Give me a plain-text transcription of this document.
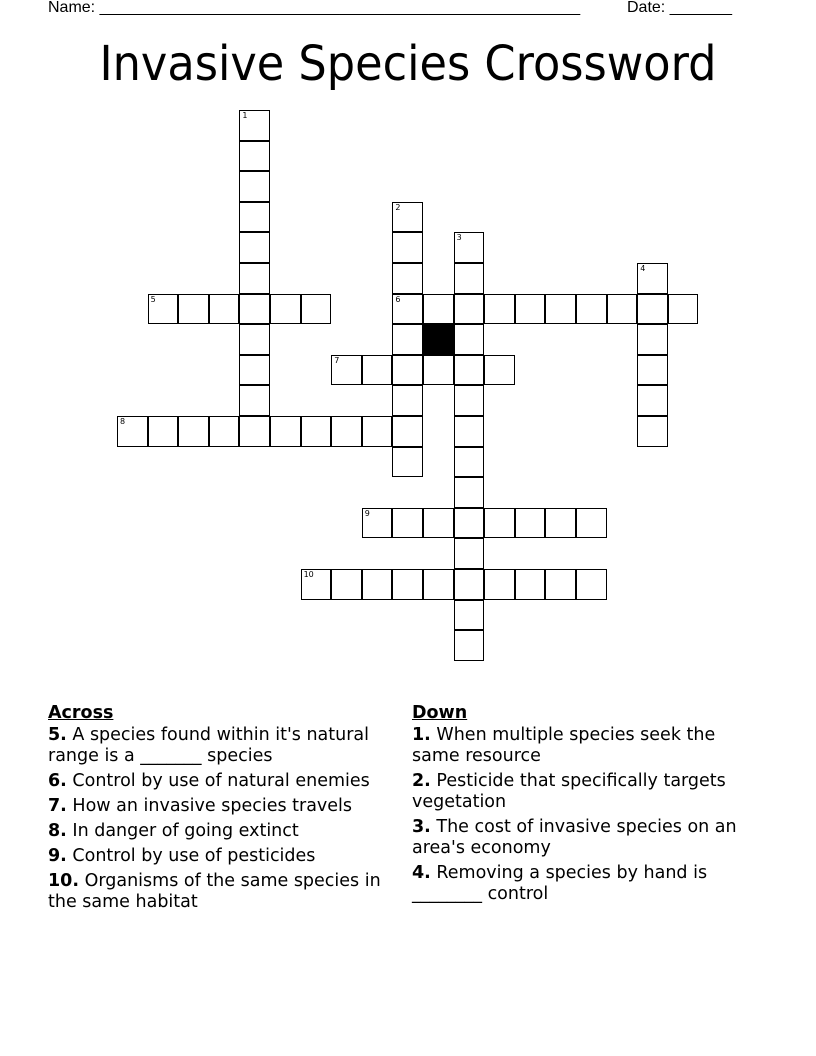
Name: ______________________________________________________	Date: _______
Invasive Species Crossword
1
2
6
3
4
5
7
8
9
10
Across
5. A species found within it's natural range is a _______ species
6. Control by use of natural enemies
7. How an invasive species travels
8. In danger of going extinct
9. Control by use of pesticides
10. Organisms of the same species in the same habitat
Down
1. When multiple species seek the same resource
2. Pesticide that specifically targets vegetation
3. The cost of invasive species on an area's economy
4. Removing a species by hand is ________ control
